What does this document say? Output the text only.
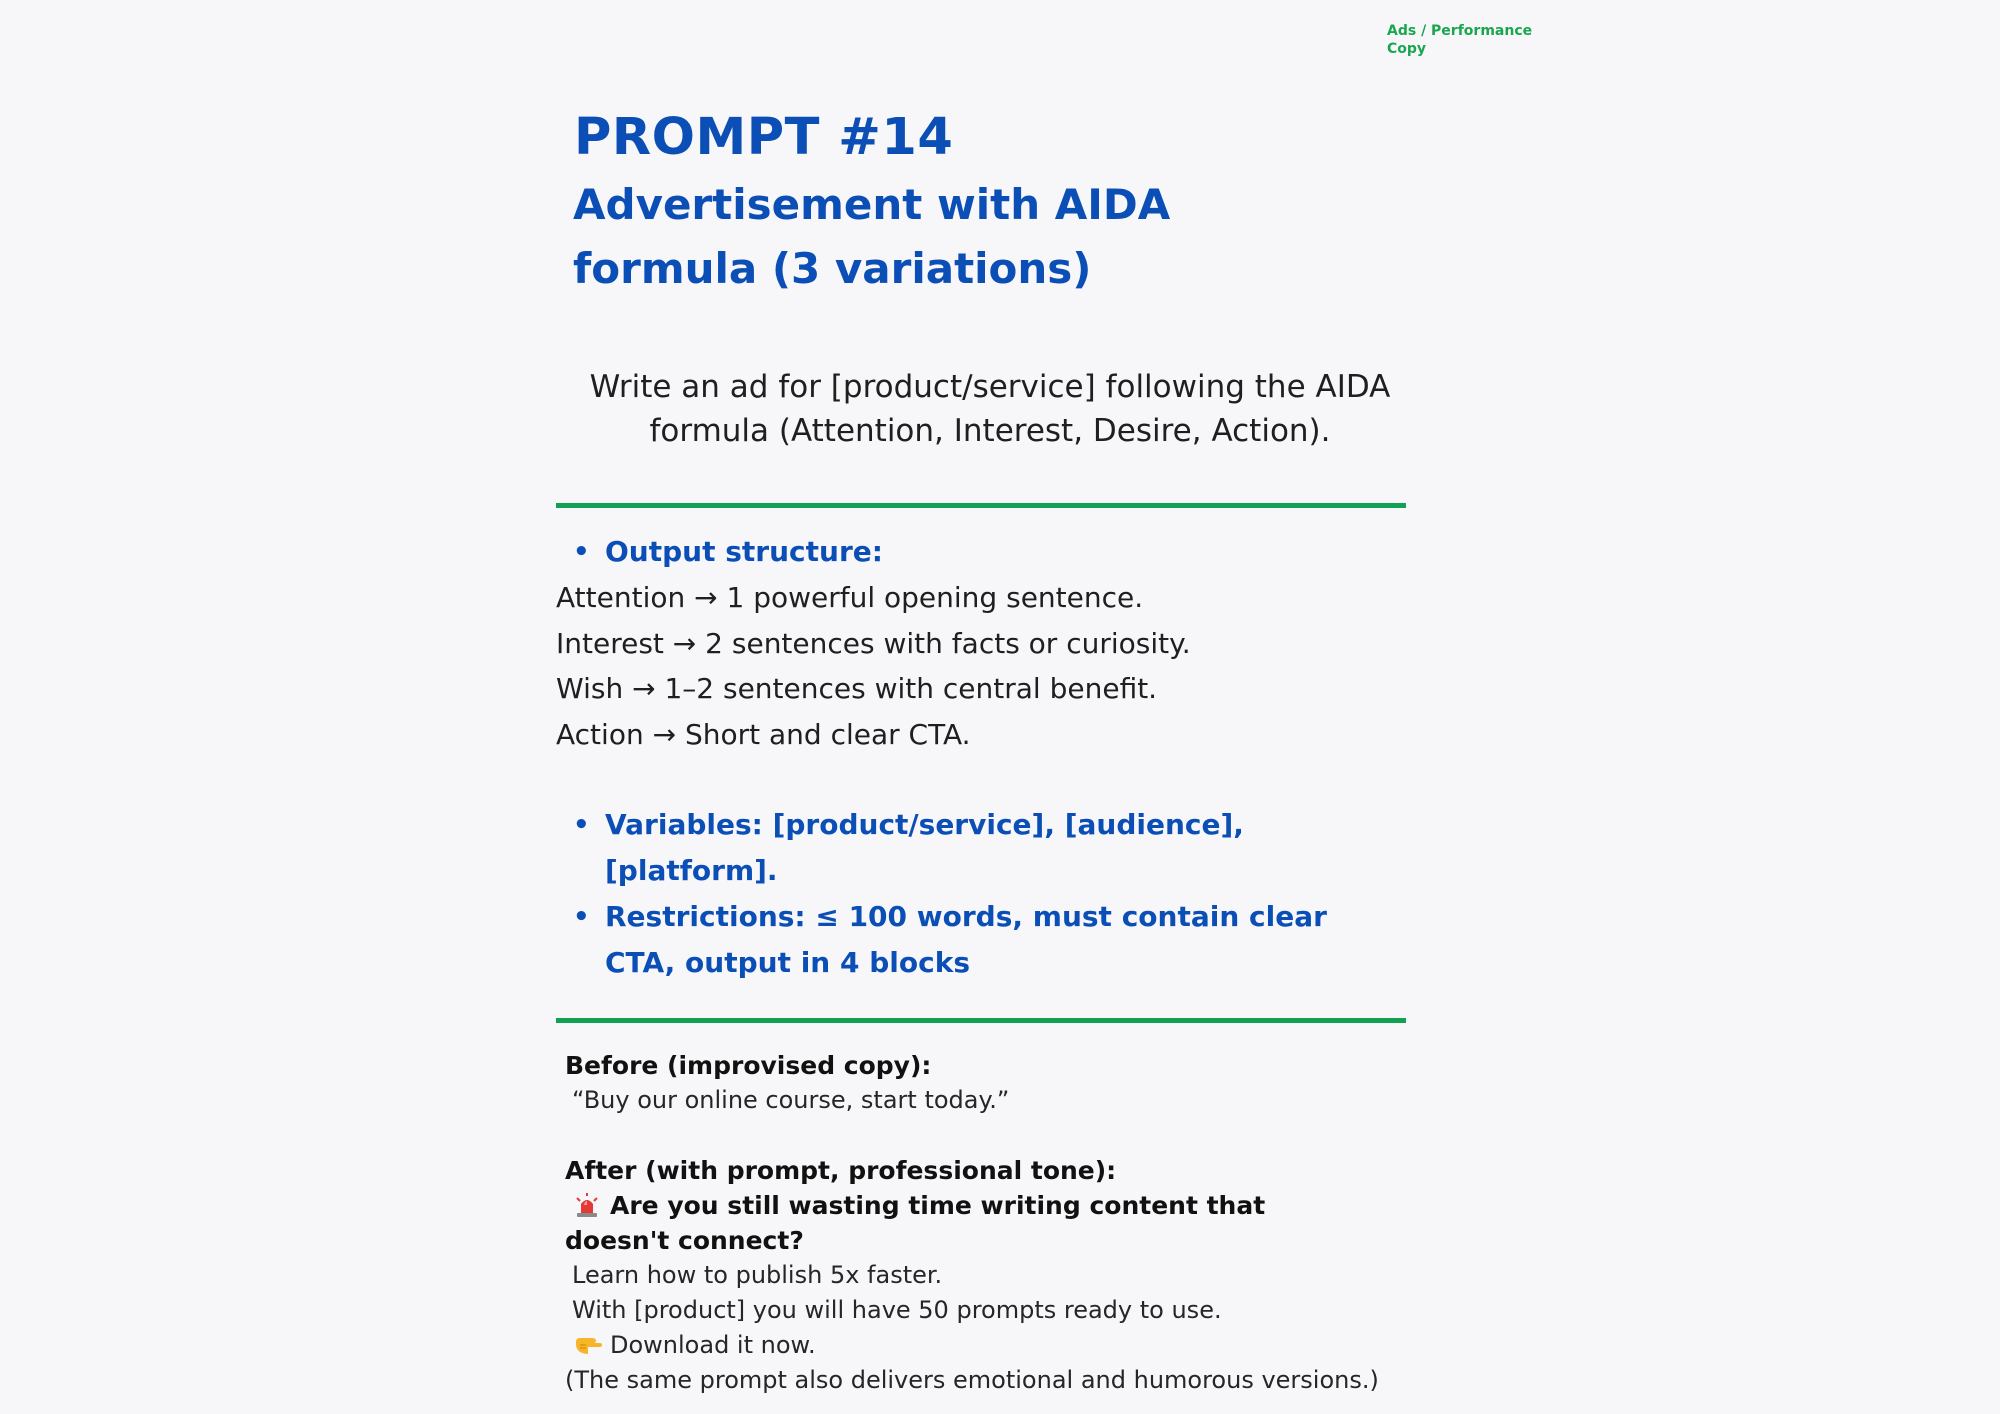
Ads / Performance Copy
PROMPT #14
Advertisement with AIDA formula (3 variations)

Write an ad for [product/service] following the AIDA formula (Attention, Interest, Desire, Action).

• Output structure:
Attention → 1 powerful opening sentence.
Interest → 2 sentences with facts or curiosity.
Wish → 1–2 sentences with central benefit.
Action → Short and clear CTA.
• Variables: [product/service], [audience], [platform].
• Restrictions: ≤ 100 words, must contain clear CTA, output in 4 blocks
Before (improvised copy):
“Buy our online course, start today.”
After (with prompt, professional tone):
Are you still wasting time writing content that doesn't connect?
Learn how to publish 5x faster.
With [product] you will have 50 prompts ready to use.
Download it now.
(The same prompt also delivers emotional and humorous versions.)
